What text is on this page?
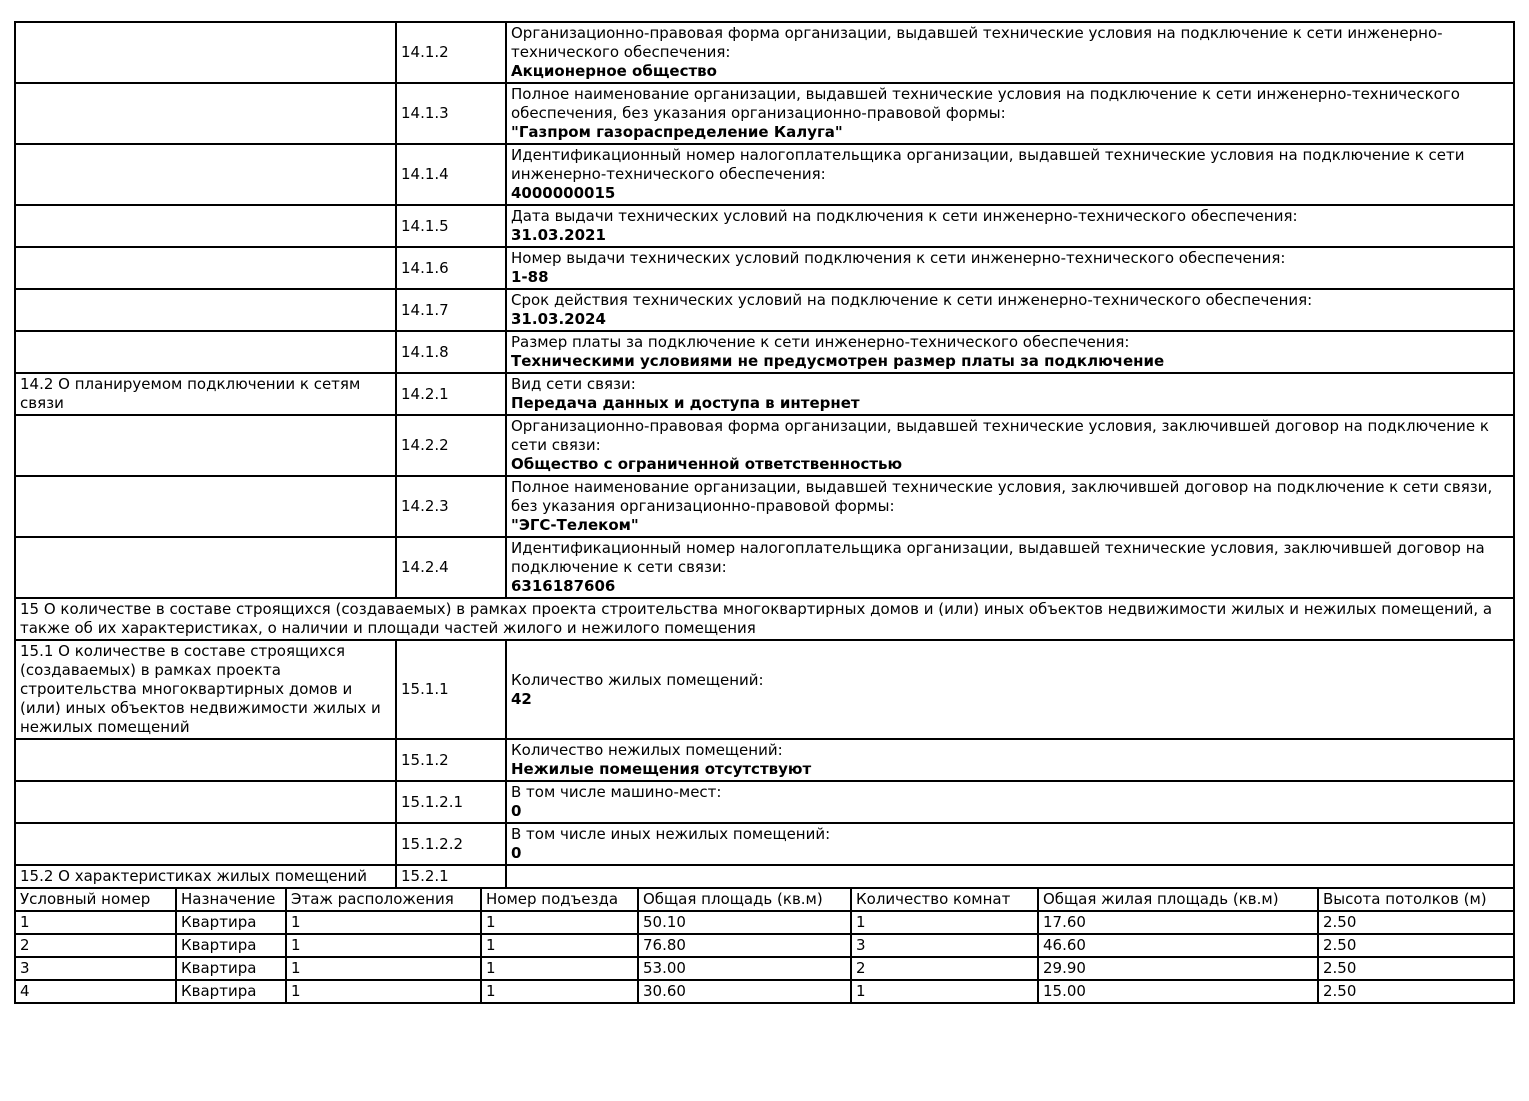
	14.1.2	Организационно-правовая форма организации, выдавшей технические условия на подключение к сети инженерно-технического обеспечения:
Акционерное общество

	14.1.3	Полное наименование организации, выдавшей технические условия на подключение к сети инженерно-технического обеспечения, без указания организационно-правовой формы:
"Газпром газораспределение Калуга"

	14.1.4	Идентификационный номер налогоплательщика организации, выдавшей технические условия на подключение к сети инженерно-технического обеспечения:
4000000015

	14.1.5	Дата выдачи технических условий на подключения к сети инженерно-технического обеспечения:
31.03.2021

	14.1.6	Номер выдачи технических условий подключения к сети инженерно-технического обеспечения:
1-88

	14.1.7	Срок действия технических условий на подключение к сети инженерно-технического обеспечения:
31.03.2024

	14.1.8	Размер платы за подключение к сети инженерно-технического обеспечения:
Техническими условиями не предусмотрен размер платы за подключение

14.2 О планируемом подключении к сетям связи	14.2.1	Вид сети связи:
Передача данных и доступа в интернет

	14.2.2	Организационно-правовая форма организации, выдавшей технические условия, заключившей договор на подключение к сети связи:
Общество с ограниченной ответственностью

	14.2.3	Полное наименование организации, выдавшей технические условия, заключившей договор на подключение к сети связи, без указания организационно-правовой формы:
"ЭГС-Телеком"

	14.2.4	Идентификационный номер налогоплательщика организации, выдавшей технические условия, заключившей договор на подключение к сети связи:
6316187606

15 О количестве в составе строящихся (создаваемых) в рамках проекта строительства многоквартирных домов и (или) иных объектов недвижимости жилых и нежилых помещений, а также об их характеристиках, о наличии и площади частей жилого и нежилого помещения		
15.1 О количестве в составе строящихся (создаваемых) в рамках проекта строительства многоквартирных домов и (или) иных объектов недвижимости жилых и нежилых помещений	15.1.1	Количество жилых помещений:
42

	15.1.2	Количество нежилых помещений:
Нежилые помещения отсутствуют

	15.1.2.1	В том числе машино-мест:
0

	15.1.2.2	В том числе иных нежилых помещений:
0

15.2 О характеристиках жилых помещений	15.2.1	
Условный номер	Назначение	Этаж расположения	Номер подъезда	Общая площадь (кв.м)	Количество комнат	Общая жилая площадь (кв.м)	Высота потолков (м)
1	Квартира	1	1	50.10	1	17.60	2.50
2	Квартира	1	1	76.80	3	46.60	2.50
3	Квартира	1	1	53.00	2	29.90	2.50
4	Квартира	1	1	30.60	1	15.00	2.50
